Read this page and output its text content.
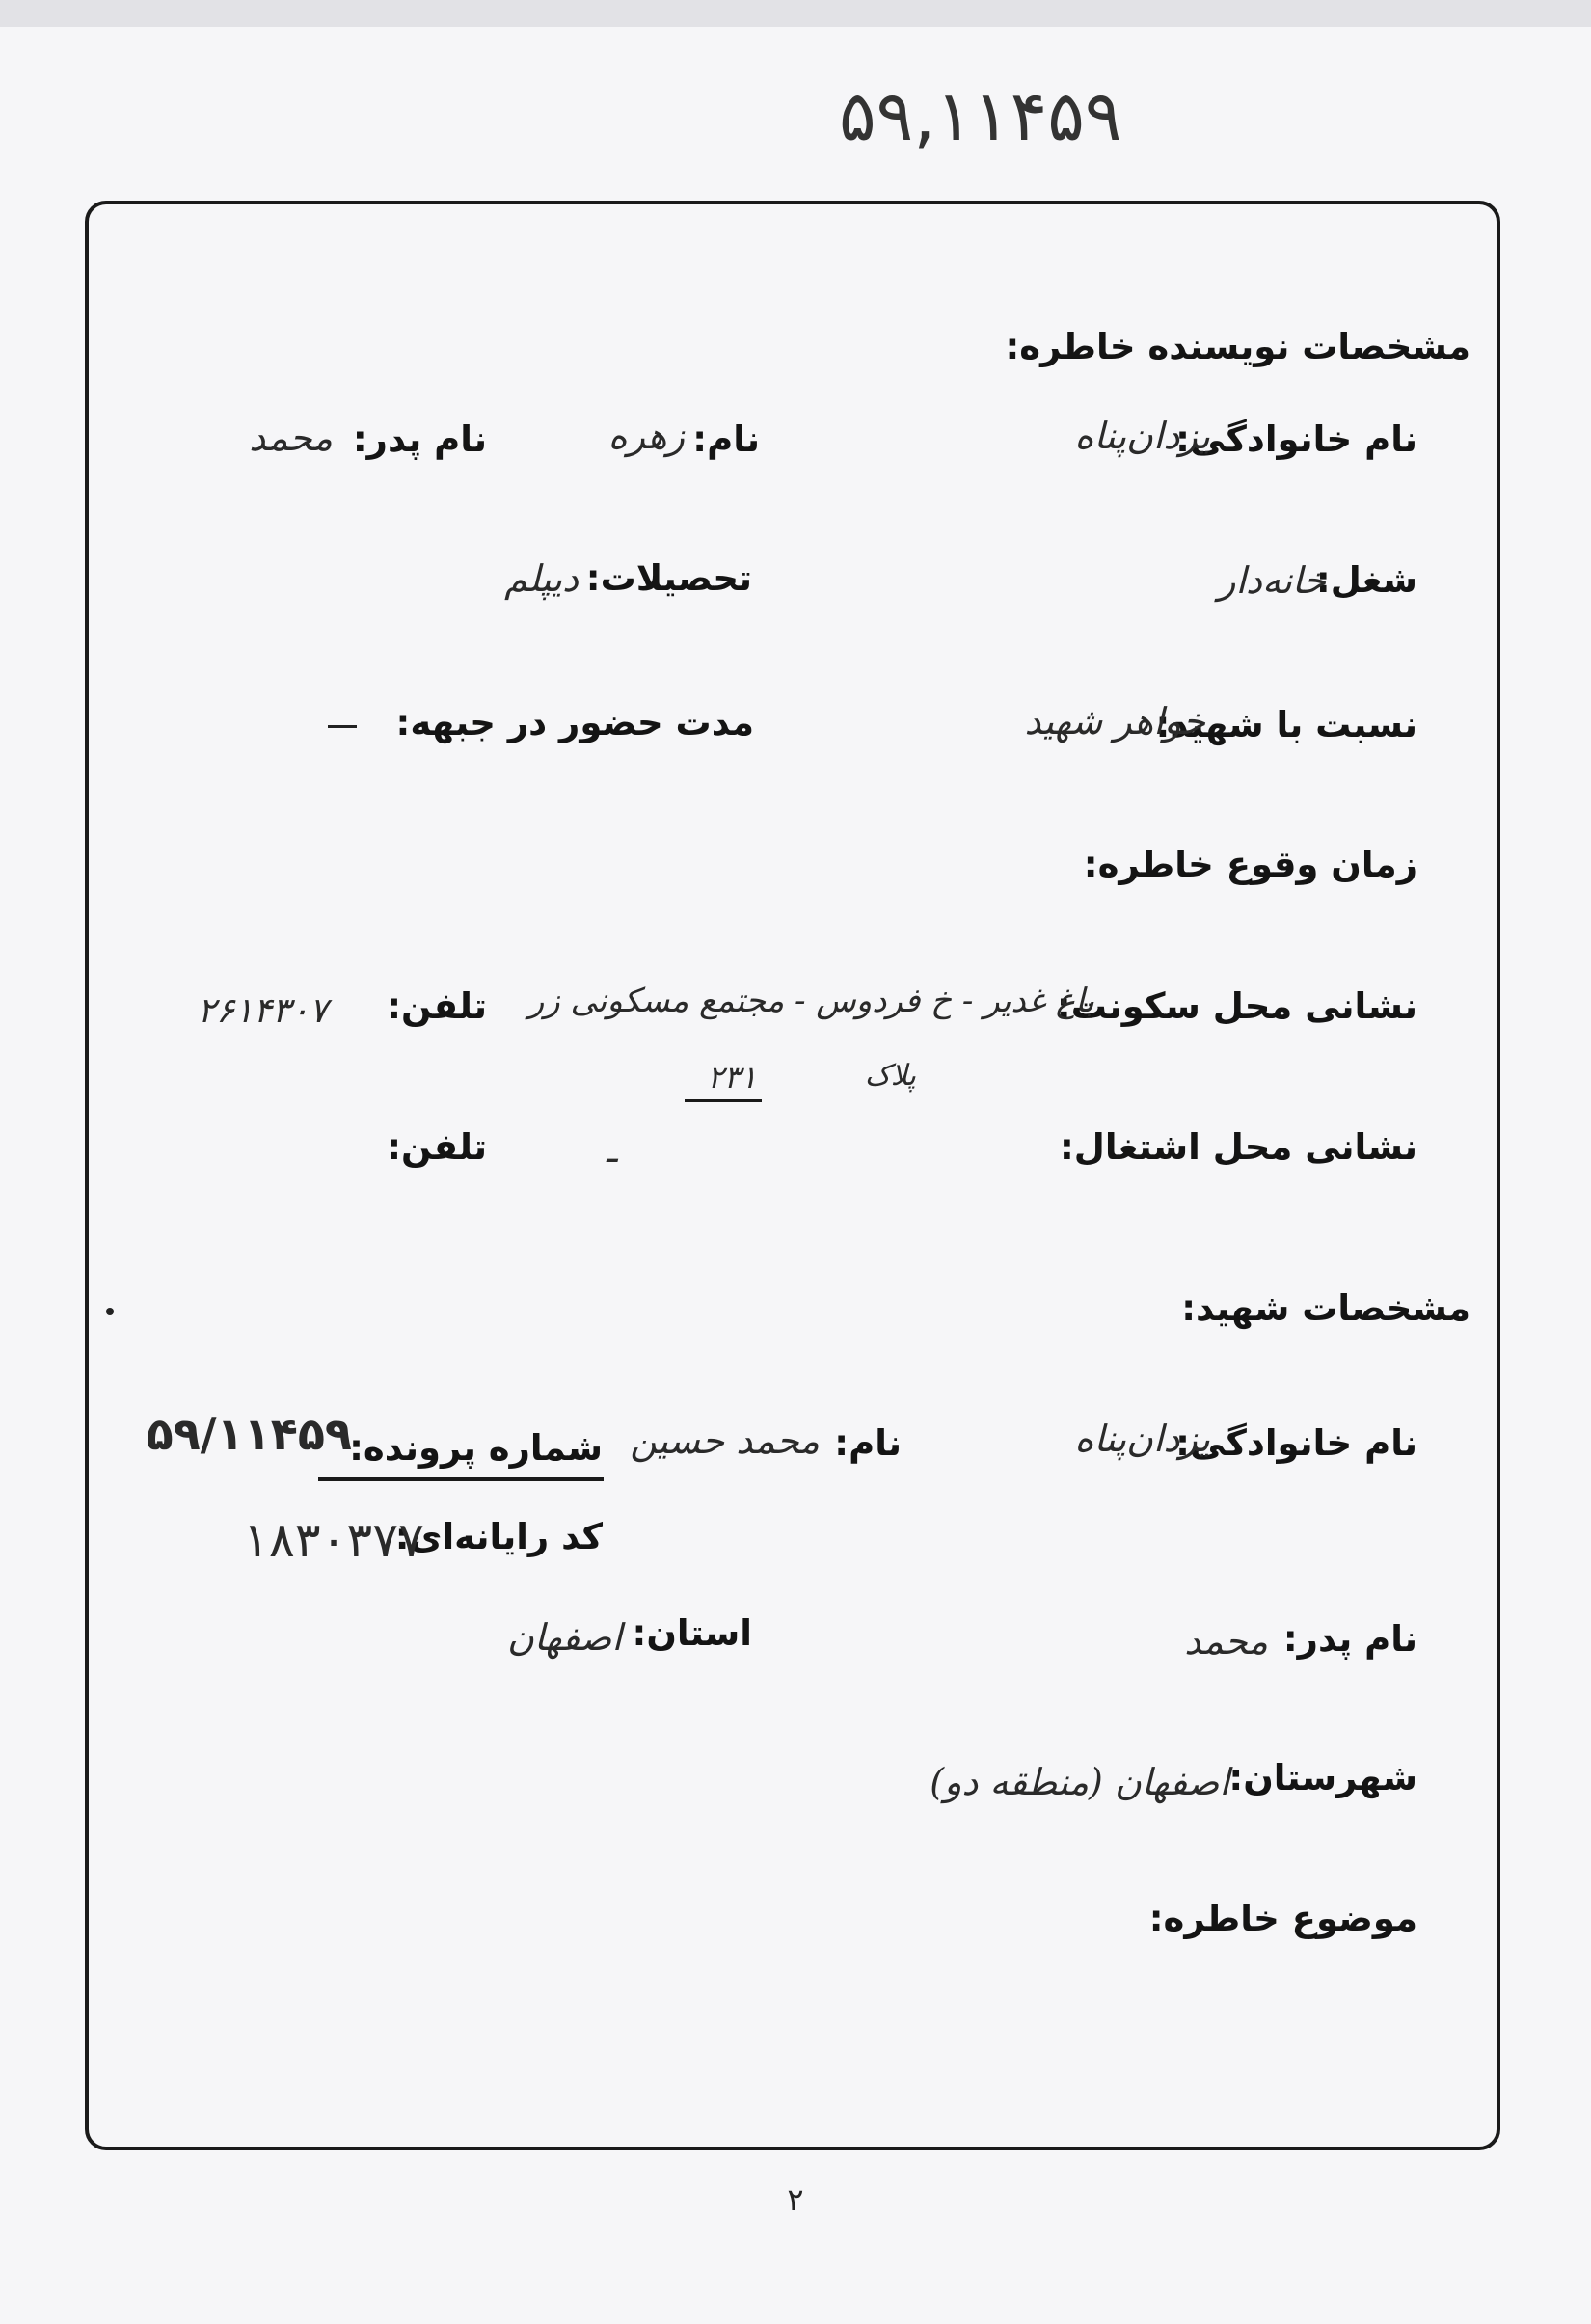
۵۹,۱۱۴۵۹
مشخصات نویسنده خاطره:
نام خانوادگی:
یزدان‌پناه
نام:
زهره
نام پدر:
محمد
شغل:
خانه‌دار
تحصیلات:
دیپلم
نسبت با شهید:
خواهر شهید
مدت حضور در جبهه:
زمان وقوع خاطره:
نشانی محل سکونت:
باغ غدیر - خ فردوس - مجتمع مسکونی زر
پلاک
۲۳۱
تلفن:
۲۶۱۴۳۰۷
نشانی محل اشتغال:
ـ
تلفن:
مشخصات شهید:
نام خانوادگی:
یزدان‌پناه
نام:
محمد حسین
شماره پرونده:
۵۹/۱۱۴۵۹
کد رایانه‌ای:
۱۸۳۰۳۷۷
نام پدر:
محمد
استان:
اصفهان
شهرستان:
اصفهان (منطقه دو)
موضوع خاطره:
۲
